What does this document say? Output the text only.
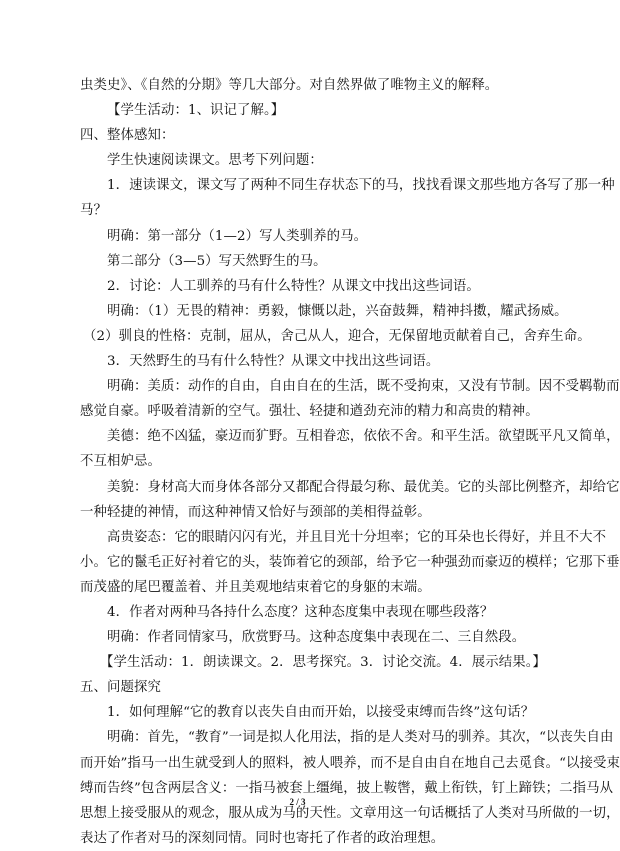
虫类史》、《自然的分期》等几大部分。对自然界做了唯物主义的解释。
【学生活动：1、识记了解。】
四、整体感知：
学生快速阅读课文。思考下列问题：
1．速读课文，课文写了两种不同生存状态下的马，找找看课文那些地方各写了那一种
马？
明确：第一部分（1—2）写人类驯养的马。
第二部分（3—5）写天然野生的马。
2．讨论：人工驯养的马有什么特性？从课文中找出这些词语。
明确：（1）无畏的精神：勇毅，慷慨以赴，兴奋鼓舞，精神抖擞，耀武扬威。
（2）驯良的性格：克制，屈从，舍己从人，迎合，无保留地贡献着自己，舍弃生命。
3．天然野生的马有什么特性？从课文中找出这些词语。
明确：美质：动作的自由，自由自在的生活，既不受拘束，又没有节制。因不受羁勒而
感觉自豪。呼吸着清新的空气。强壮、轻捷和遒劲充沛的精力和高贵的精神。
美德：绝不凶猛，豪迈而犷野。互相眷恋，依依不舍。和平生活。欲望既平凡又简单，
不互相妒忌。
美貌：身材高大而身体各部分又都配合得最匀称、最优美。它的头部比例整齐，却给它
一种轻捷的神情，而这种神情又恰好与颈部的美相得益彰。
高贵姿态：它的眼睛闪闪有光，并且目光十分坦率；它的耳朵也长得好，并且不大不
小。它的鬣毛正好衬着它的头，装饰着它的颈部，给予它一种强劲而豪迈的模样；它那下垂
而茂盛的尾巴覆盖着、并且美观地结束着它的身躯的末端。
4．作者对两种马各持什么态度？这种态度集中表现在哪些段落？
明确：作者同情家马，欣赏野马。这种态度集中表现在二、三自然段。
【学生活动：1．朗读课文。2．思考探究。3．讨论交流。4．展示结果。】
五、问题探究
1．如何理解“它的教育以丧失自由而开始，以接受束缚而告终”这句话？
明确：首先，“教育”一词是拟人化用法，指的是人类对马的驯养。其次，“以丧失自由
而开始”指马一出生就受到人的照料，被人喂养，而不是自由自在地自己去觅食。“以接受束
缚而告终”包含两层含义：一指马被套上缰绳，披上鞍辔，戴上衔铁，钉上蹄铁；二指马从
思想上接受服从的观念，服从成为马的天性。文章用这一句话概括了人类对马所做的一切，
表达了作者对马的深刻同情。同时也寄托了作者的政治理想。
2 / 3
